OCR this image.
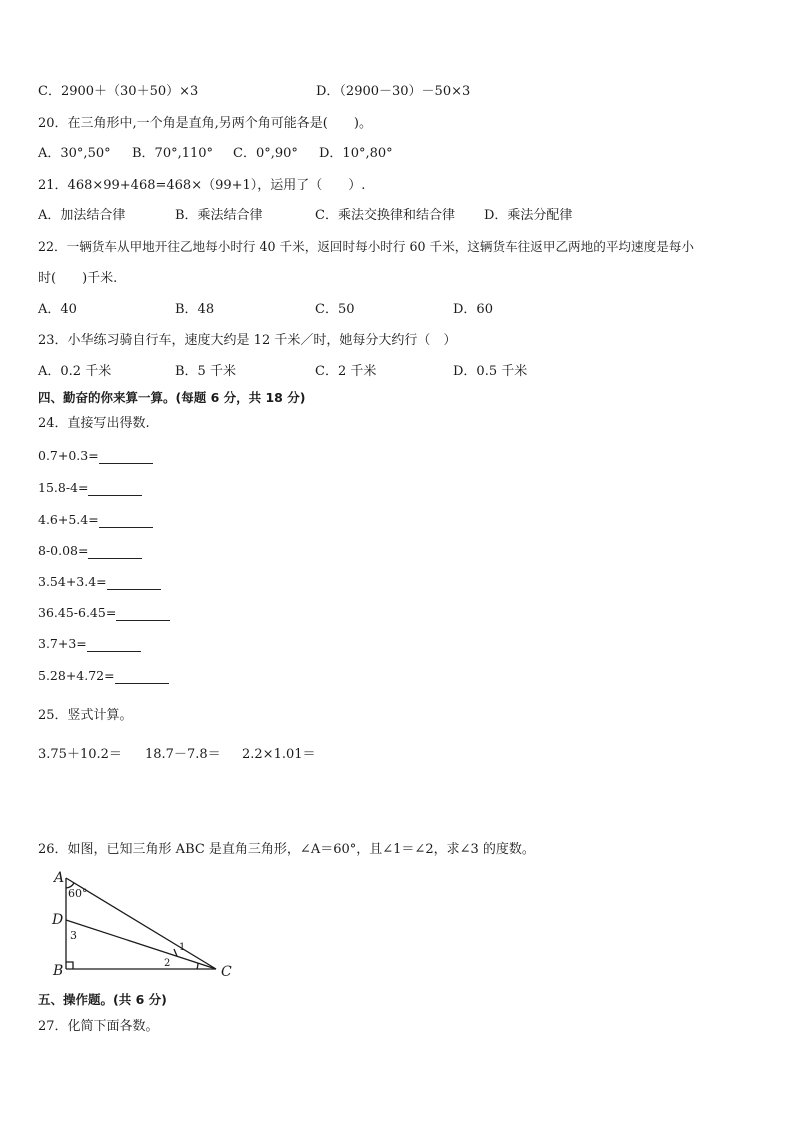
C．2900＋（30＋50）×3	D．（2900－30）－50×3
20．在三角形中,一个角是直角,另两个角可能各是(　　)。
A．30°,50° B．70°,110° C．0°,90° D．10°,80°
21．468×99+468=468×（99+1），运用了（　　）.
A．加法结合律	B．乘法结合律	C．乘法交换律和结合律 D．乘法分配律
22．一辆货车从甲地开往乙地每小时行 40 千米，返回时每小时行 60 千米，这辆货车往返甲乙两地的平均速度是每小
时(　　)千米.
A．40	B．48	C．50	D．60
23．小华练习骑自行车，速度大约是 12 千米／时，她每分大约行（　）
A．0.2 千米	B．5 千米	C．2 千米	D．0.5 千米
四、勤奋的你来算一算。(每题 6 分，共 18 分)
24．直接写出得数.
0.7+0.3=
15.8-4=
4.6+5.4=
8-0.08=
3.54+3.4=
36.45-6.45=
3.7+3=
5.28+4.72=
25．竖式计算。
3.75＋10.2＝ 18.7－7.8＝ 2.2×1.01＝
26．如图，已知三角形 ABC 是直角三角形，∠A＝60°，且∠1＝∠2，求∠3 的度数。
A
60°
D
3
B
1
2
C
五、操作题。(共 6 分)
27．化简下面各数。
